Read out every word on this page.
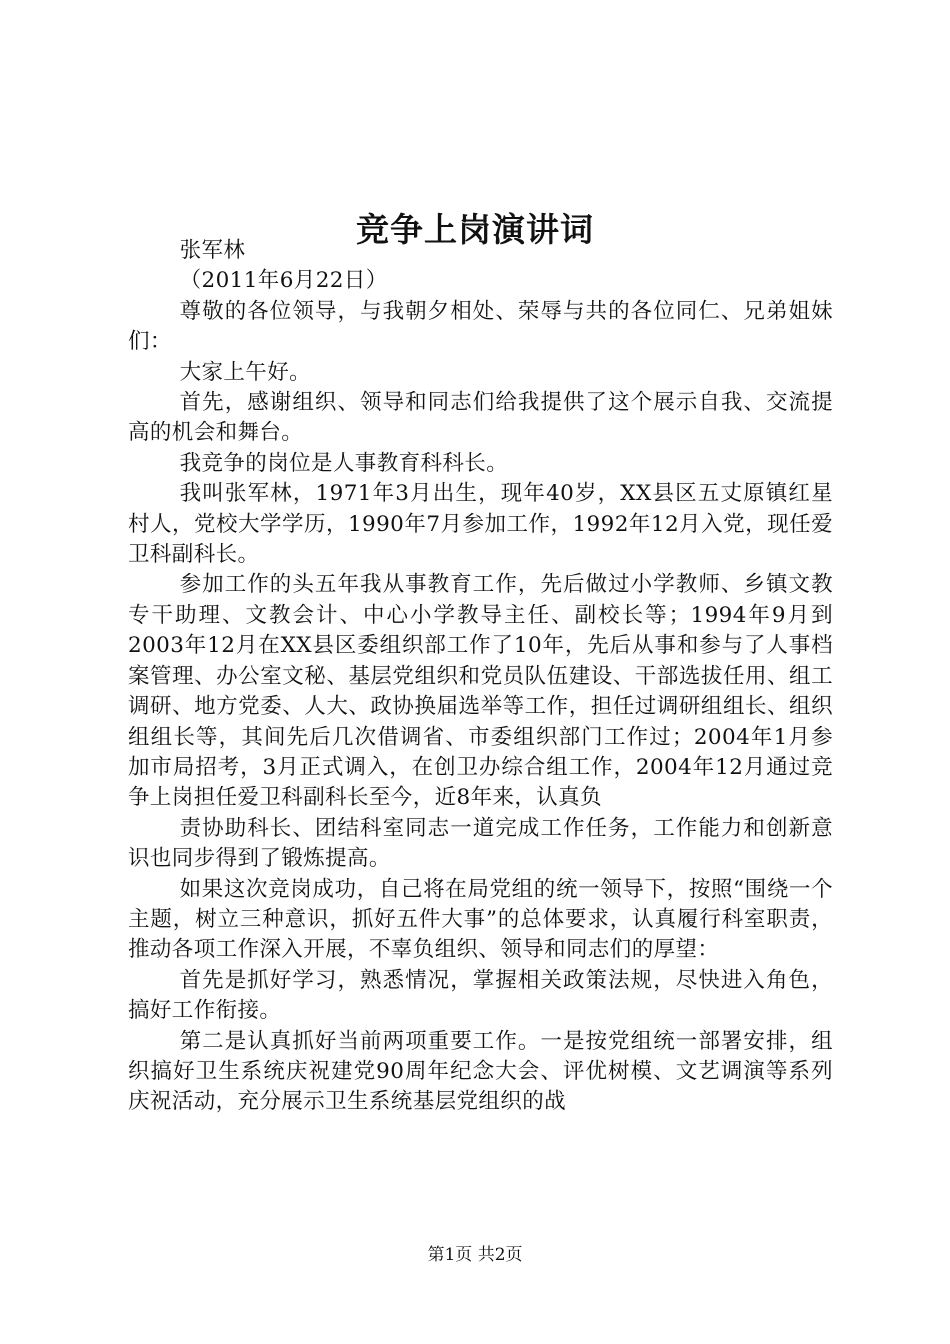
竞争上岗演讲词

张军林

（2011年6月22日）

尊敬的各位领导，与我朝夕相处、荣辱与共的各位同仁、兄弟姐妹们：

大家上午好。

首先，感谢组织、领导和同志们给我提供了这个展示自我、交流提高的机会和舞台。

我竞争的岗位是人事教育科科长。

我叫张军林，1971年3月出生，现年40岁，XX县区五丈原镇红星村人，党校大学学历，1990年7月参加工作，1992年12月入党，现任爱卫科副科长。

参加工作的头五年我从事教育工作，先后做过小学教师、乡镇文教专干助理、文教会计、中心小学教导主任、副校长等；1994年9月到2003年12月在XX县区委组织部工作了10年，先后从事和参与了人事档案管理、办公室文秘、基层党组织和党员队伍建设、干部选拔任用、组工调研、地方党委、人大、政协换届选举等工作，担任过调研组组长、组织组组长等，其间先后几次借调省、市委组织部门工作过；2004年1月参加市局招考，3月正式调入，在创卫办综合组工作，2004年12月通过竞争上岗担任爱卫科副科长至今，近8年来，认真负

责协助科长、团结科室同志一道完成工作任务，工作能力和创新意识也同步得到了锻炼提高。

如果这次竞岗成功，自己将在局党组的统一领导下，按照“围绕一个主题，树立三种意识，抓好五件大事”的总体要求，认真履行科室职责，推动各项工作深入开展，不辜负组织、领导和同志们的厚望：

首先是抓好学习，熟悉情况，掌握相关政策法规，尽快进入角色，搞好工作衔接。

第二是认真抓好当前两项重要工作。一是按党组统一部署安排，组织搞好卫生系统庆祝建党90周年纪念大会、评优树模、文艺调演等系列庆祝活动，充分展示卫生系统基层党组织的战

第1页 共2页
